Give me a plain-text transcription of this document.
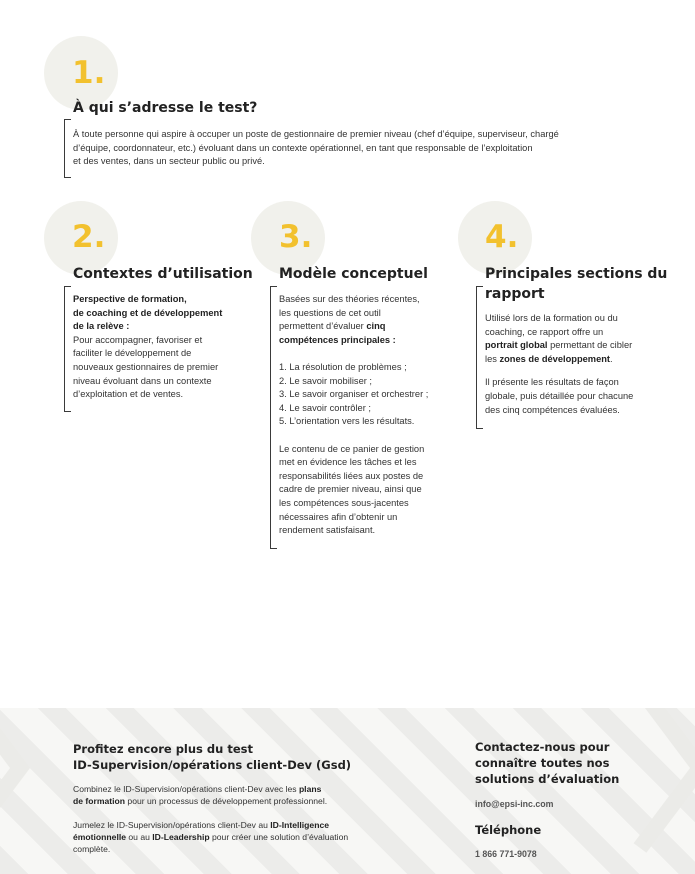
1.
À qui s’adresse le test?
À toute personne qui aspire à occuper un poste de gestionnaire de premier niveau (chef d’équipe, superviseur, chargé
d’équipe, coordonnateur, etc.) évoluant dans un contexte opérationnel, en tant que responsable de l’exploitation
et des ventes, dans un secteur public ou privé.
2.
Contextes d’utilisation
Perspective de formation,
de coaching et de développement
de la relève :
Pour accompagner, favoriser et
faciliter le développement de
nouveaux gestionnaires de premier
niveau évoluant dans un contexte
d’exploitation et de ventes.
3.
Modèle conceptuel
Basées sur des théories récentes,
les questions de cet outil
permettent d’évaluer cinq
compétences principales :
1. La résolution de problèmes ;
2. Le savoir mobiliser ;
3. Le savoir organiser et orchestrer ;
4. Le savoir contrôler ;
5. L’orientation vers les résultats.
Le contenu de ce panier de gestion
met en évidence les tâches et les
responsabilités liées aux postes de
cadre de premier niveau, ainsi que
les compétences sous-jacentes
nécessaires afin d’obtenir un
rendement satisfaisant.
4.
Principales sections du
rapport
Utilisé lors de la formation ou du
coaching, ce rapport offre un
portrait global permettant de cibler
les zones de développement.
Il présente les résultats de façon
globale, puis détaillée pour chacune
des cinq compétences évaluées.
Profitez encore plus du test
ID-Supervision/opérations client-Dev (Gsd)
Combinez le ID-Supervision/opérations client-Dev avec les plans
de formation pour un processus de développement professionnel.
Jumelez le ID-Supervision/opérations client-Dev au ID-Intelligence
émotionnelle ou au ID-Leadership pour créer une solution d’évaluation
complète.
Contactez-nous pour
connaître toutes nos
solutions d’évaluation
info@epsi-inc.com
Téléphone
1 866 771-9078
